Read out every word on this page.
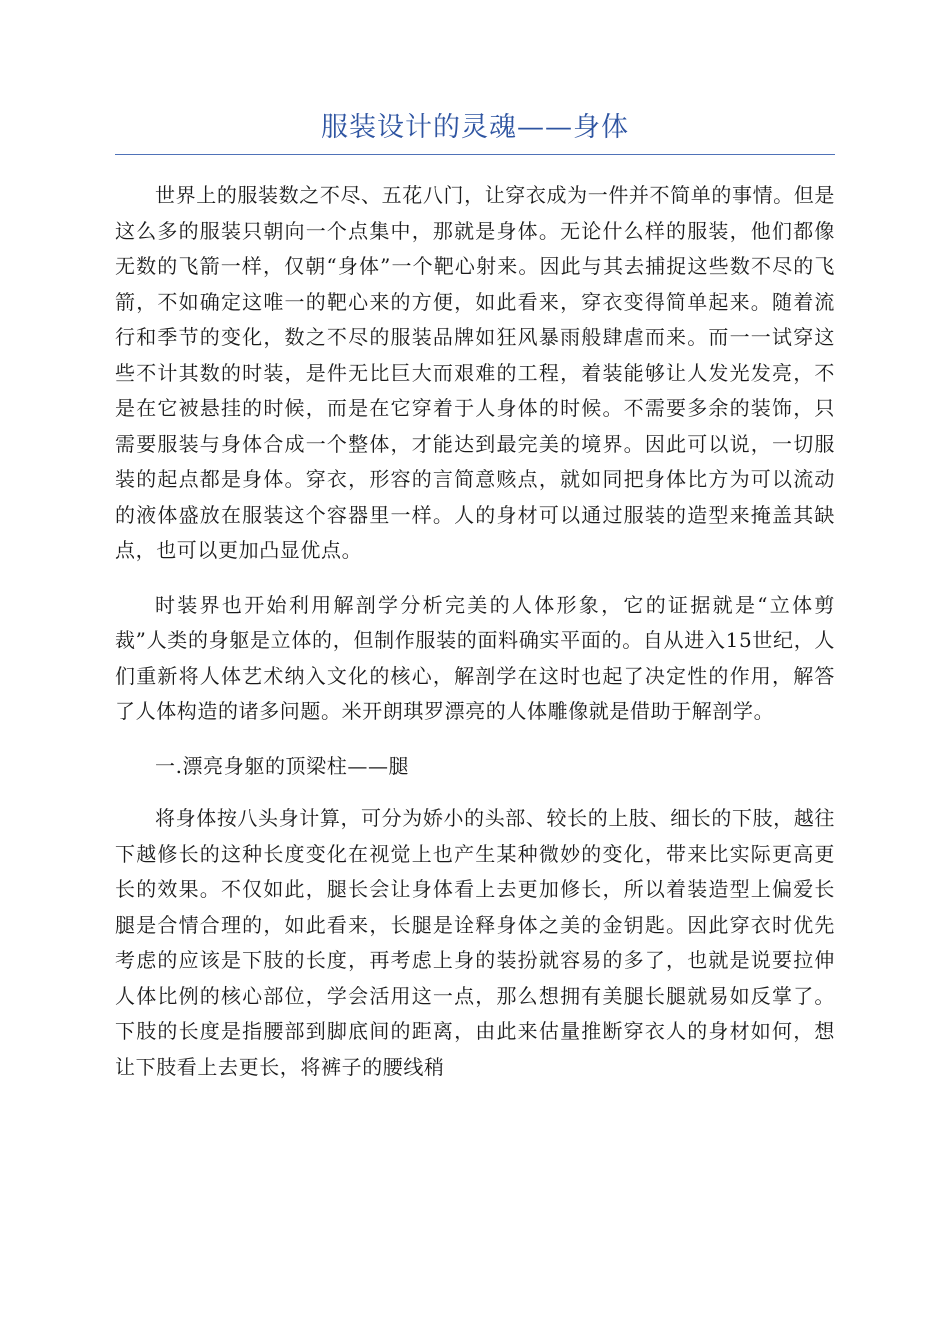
服装设计的灵魂——身体

世界上的服装数之不尽、五花八门，让穿衣成为一件并不简单的事情。但是这么多的服装只朝向一个点集中，那就是身体。无论什么样的服装，他们都像无数的飞箭一样，仅朝“身体”一个靶心射来。因此与其去捕捉这些数不尽的飞箭，不如确定这唯一的靶心来的方便，如此看来，穿衣变得简单起来。随着流行和季节的变化，数之不尽的服装品牌如狂风暴雨般肆虐而来。而一一试穿这些不计其数的时装，是件无比巨大而艰难的工程，着装能够让人发光发亮，不是在它被悬挂的时候，而是在它穿着于人身体的时候。不需要多余的装饰，只需要服装与身体合成一个整体，才能达到最完美的境界。因此可以说，一切服装的起点都是身体。穿衣，形容的言简意赅点，就如同把身体比方为可以流动的液体盛放在服装这个容器里一样。人的身材可以通过服装的造型来掩盖其缺点，也可以更加凸显优点。

时装界也开始利用解剖学分析完美的人体形象，它的证据就是“立体剪裁”人类的身躯是立体的，但制作服装的面料确实平面的。自从进入15世纪，人们重新将人体艺术纳入文化的核心，解剖学在这时也起了决定性的作用，解答了人体构造的诸多问题。米开朗琪罗漂亮的人体雕像就是借助于解剖学。

一.漂亮身躯的顶梁柱——腿

将身体按八头身计算，可分为娇小的头部、较长的上肢、细长的下肢，越往下越修长的这种长度变化在视觉上也产生某种微妙的变化，带来比实际更高更长的效果。不仅如此，腿长会让身体看上去更加修长，所以着装造型上偏爱长腿是合情合理的，如此看来，长腿是诠释身体之美的金钥匙。因此穿衣时优先考虑的应该是下肢的长度，再考虑上身的装扮就容易的多了，也就是说要拉伸人体比例的核心部位，学会活用这一点，那么想拥有美腿长腿就易如反掌了。下肢的长度是指腰部到脚底间的距离，由此来估量推断穿衣人的身材如何，想让下肢看上去更长，将裤子的腰线稍
